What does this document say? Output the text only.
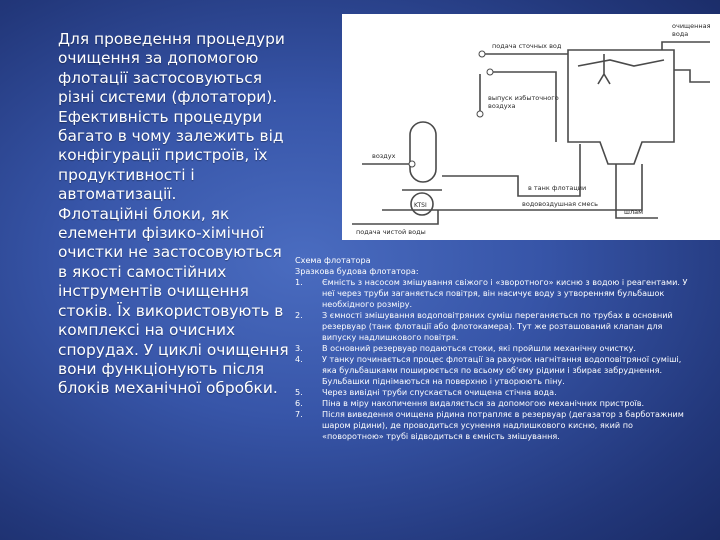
Для проведення процедури очищення за допомогою флотації застосовуються різні системи (флотатори). Ефективність процедури багато в чому залежить від конфігурації пристроїв, їх продуктивності і автоматизації.

Флотаційні блоки, як елементи фізико-хімічної очистки не застосовуються в якості самостійних інструментів очищення стоків. Їх використовують в комплексі на очисних спорудах. У циклі очищення вони функціонують після блоків механічної обробки.

очищенная вода
подача сточных вод
выпуск избыточного воздуха
воздух
в танк флотации
водовоздушная смесь
шлам
подача чистой воды
KTSI

Схема флотатора

Зразкова будова флотатора:

1. Ємність з насосом змішування свіжого і «зворотного» кисню з водою і реагентами. У неї через труби заганяється повітря, він насичує воду з утворенням бульбашок необхідного розміру.
2. З ємності змішування водоповітряних суміш переганяється по трубах в основний резервуар (танк флотації або флотокамера). Тут же розташований клапан для випуску надлишкового повітря.
3. В основний резервуар подаються стоки, які пройшли механічну очистку.
4. У танку починається процес флотації за рахунок нагнітання водоповітряної суміші, яка бульбашками поширюється по всьому об'єму рідини і збирає забруднення. Бульбашки піднімаються на поверхню і утворюють піну.
5. Через вивідні труби спускається очищена стічна вода.
6. Піна в міру накопичення видаляється за допомогою механічних пристроїв.
7. Після виведення очищена рідина потрапляє в резервуар (дегазатор з барботажним шаром рідини), де проводиться усунення надлишкового кисню, який по «поворотною» трубі відводиться в ємність змішування.
